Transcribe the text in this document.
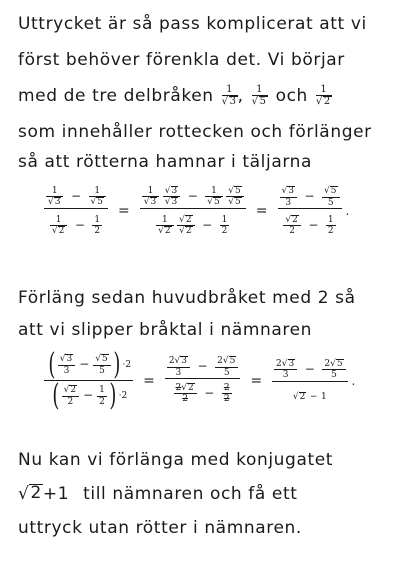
Uttrycket är så pass komplicerat att vi
först behöver förenkla det. Vi börjar
med de tre delbråken $\frac{1}{√ 3}$ , $\frac{1}{√ 5}$ och $\frac{1}{√ 2}$
som innehåller rottecken och förlänger
så att rötterna hamnar i täljarna
$\frac{\frac{1}{√ 3} - \frac{1}{√ 5}}{\frac{1}{√ 2} - \frac{1}{2}}$ =	$\frac{1}{√ 3}$
$\frac{√ 3}{√ 3} - \frac{1}{√ 5}$
$\frac{√ 5}{√ 5}$
$\frac{1}{√ 2}$
$\frac{√ 2}{√ 2} - \frac{1}{2}$ =	$\frac{\frac{√ 3}{3} - \frac{√ 5}{5}}{\frac{√ 2}{2} - \frac{1}{2}}$ .
Förläng sedan huvudbråket med 2 så
att vi slipper bråktal i nämnaren
( $\frac{√ 3}{3} - \frac{√ 5}{5}$ ) · 2
( $\frac{√ 2}{2} - \frac{1}{2}$ ) · 2
=	$\frac{\frac{2 √ 3}{3} - \frac{2 √ 5}{5}}{\frac{2 √ 2}{2} - \frac{2}{2}}$ =	$\frac{\frac{2 √ 3}{3} - \frac{2 √ 5}{5}}{√ 2 - 1}$ .
Nu kan vi förlänga med konjugatet
√ 2 + 1 till nämnaren och få ett
uttryck utan rötter i nämnaren.
